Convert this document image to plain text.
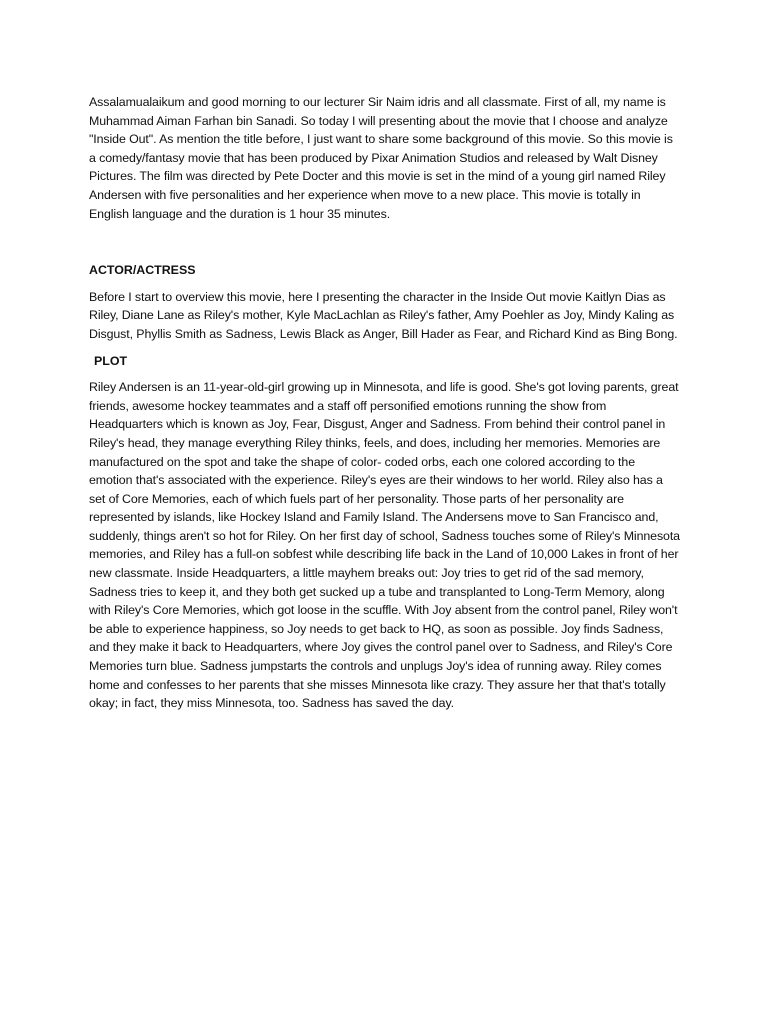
Assalamualaikum and good morning to our lecturer Sir Naim idris and all classmate. First of all, my name is Muhammad Aiman Farhan bin Sanadi. So today I will presenting about the movie that I choose and analyze "Inside Out". As mention the title before, I just want to share some background of this movie. So this movie is a comedy/fantasy movie that has been produced by Pixar Animation Studios and released by Walt Disney Pictures. The film was directed by Pete Docter and this movie is set in the mind of a young girl named Riley Andersen with five personalities and her experience when move to a new place. This movie is totally in English language and the duration is 1 hour 35 minutes.

ACTOR/ACTRESS

Before I start to overview this movie, here I presenting the character in the Inside Out movie Kaitlyn Dias as Riley, Diane Lane as Riley's mother, Kyle MacLachlan as Riley's father, Amy Poehler as Joy, Mindy Kaling as Disgust, Phyllis Smith as Sadness, Lewis Black as Anger, Bill Hader as Fear, and Richard Kind as Bing Bong.

PLOT

Riley Andersen is an 11-year-old-girl growing up in Minnesota, and life is good. She's got loving parents, great friends, awesome hockey teammates and a staff off personified emotions running the show from Headquarters which is known as Joy, Fear, Disgust, Anger and Sadness. From behind their control panel in Riley's head, they manage everything Riley thinks, feels, and does, including her memories. Memories are manufactured on the spot and take the shape of color- coded orbs, each one colored according to the emotion that's associated with the experience. Riley's eyes are their windows to her world. Riley also has a set of Core Memories, each of which fuels part of her personality. Those parts of her personality are represented by islands, like Hockey Island and Family Island. The Andersens move to San Francisco and, suddenly, things aren't so hot for Riley. On her first day of school, Sadness touches some of Riley's Minnesota memories, and Riley has a full-on sobfest while describing life back in the Land of 10,000 Lakes in front of her new classmate. Inside Headquarters, a little mayhem breaks out: Joy tries to get rid of the sad memory, Sadness tries to keep it, and they both get sucked up a tube and transplanted to Long-Term Memory, along with Riley's Core Memories, which got loose in the scuffle. With Joy absent from the control panel, Riley won't be able to experience happiness, so Joy needs to get back to HQ, as soon as possible. Joy finds Sadness, and they make it back to Headquarters, where Joy gives the control panel over to Sadness, and Riley's Core Memories turn blue. Sadness jumpstarts the controls and unplugs Joy's idea of running away. Riley comes home and confesses to her parents that she misses Minnesota like crazy. They assure her that that's totally okay; in fact, they miss Minnesota, too. Sadness has saved the day.
